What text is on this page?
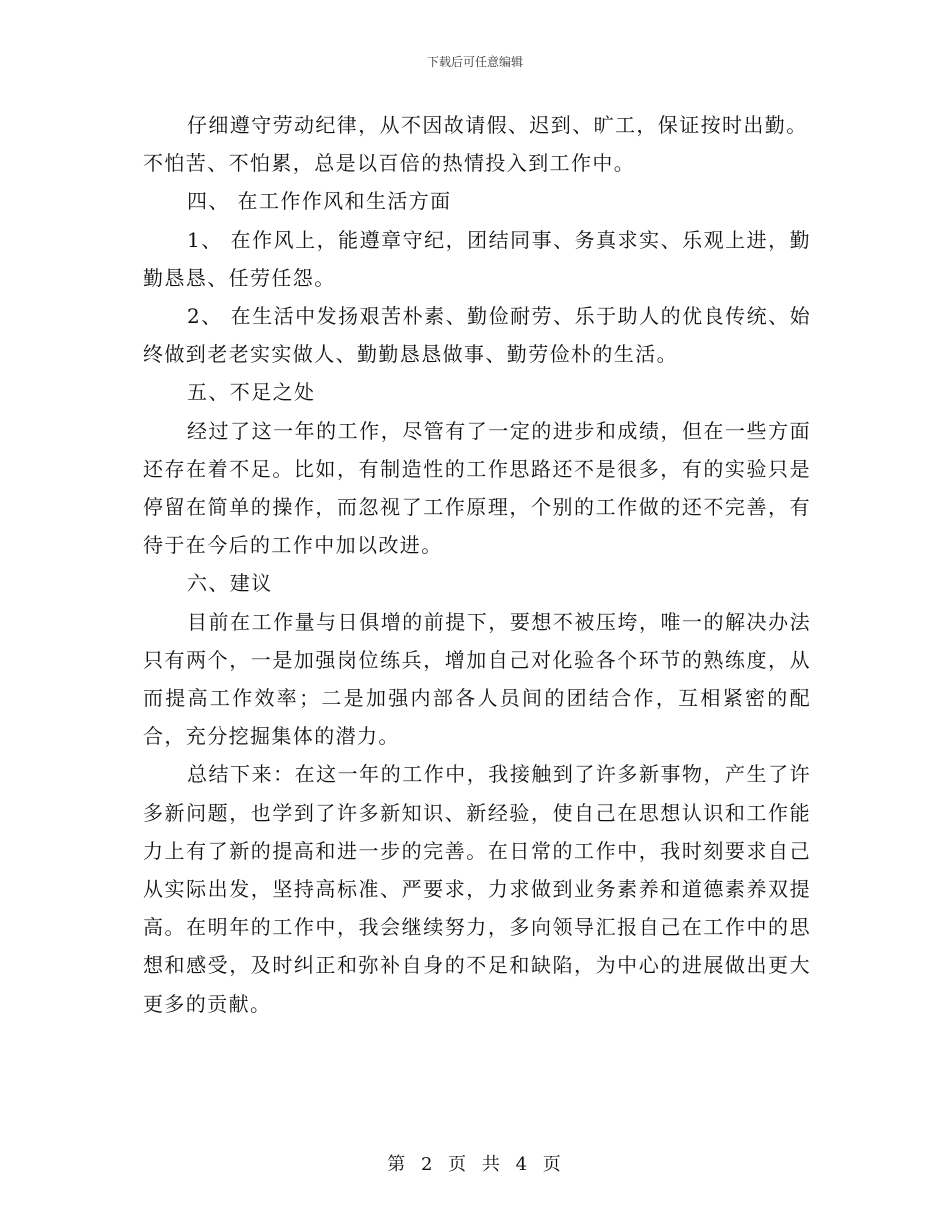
下载后可任意编辑

仔细遵守劳动纪律，从不因故请假、迟到、旷工，保证按时出勤。

不怕苦、不怕累，总是以百倍的热情投入到工作中。

四、 在工作作风和生活方面

1、 在作风上，能遵章守纪，团结同事、务真求实、乐观上进，勤勤恳恳、任劳任怨。

2、 在生活中发扬艰苦朴素、勤俭耐劳、乐于助人的优良传统、始终做到老老实实做人、勤勤恳恳做事、勤劳俭朴的生活。

五、不足之处

经过了这一年的工作，尽管有了一定的进步和成绩，但在一些方面还存在着不足。比如，有制造性的工作思路还不是很多，有的实验只是停留在简单的操作，而忽视了工作原理，个别的工作做的还不完善，有待于在今后的工作中加以改进。

六、建议

目前在工作量与日俱增的前提下，要想不被压垮，唯一的解决办法只有两个，一是加强岗位练兵，增加自己对化验各个环节的熟练度，从而提高工作效率；二是加强内部各人员间的团结合作，互相紧密的配合，充分挖掘集体的潜力。

总结下来：在这一年的工作中，我接触到了许多新事物，产生了许多新问题，也学到了许多新知识、新经验，使自己在思想认识和工作能力上有了新的提高和进一步的完善。在日常的工作中，我时刻要求自己从实际出发，坚持高标准、严要求，力求做到业务素养和道德素养双提高。在明年的工作中，我会继续努力，多向领导汇报自己在工作中的思想和感受，及时纠正和弥补自身的不足和缺陷，为中心的进展做出更大更多的贡献。

第 2 页 共 4 页
